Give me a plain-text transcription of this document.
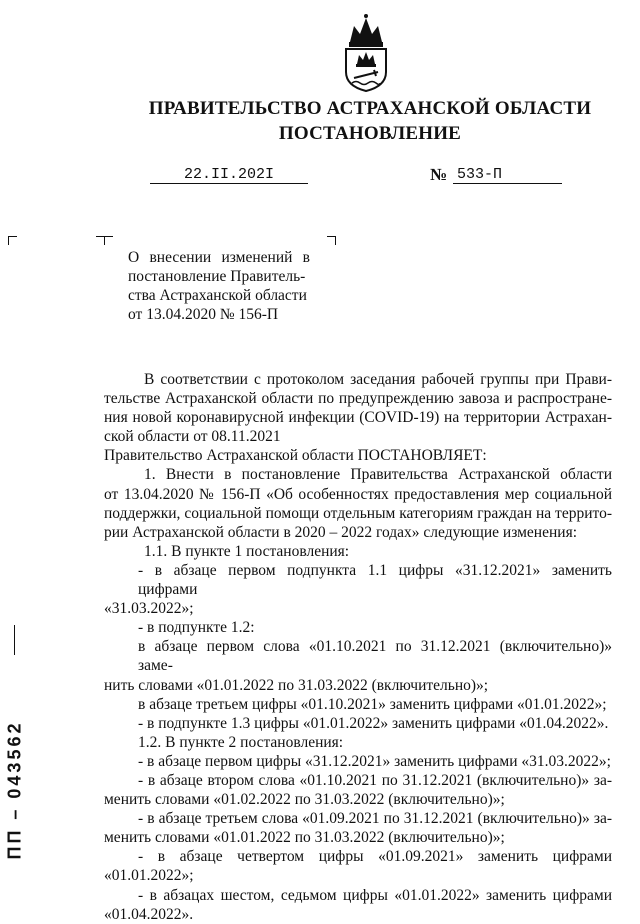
ПРАВИТЕЛЬСТВО АСТРАХАНСКОЙ ОБЛАСТИ
ПОСТАНОВЛЕНИЕ
22.II.202I	№ 533-П
О внесении изменений в
постановление Правитель-
ства Астраханской области
от 13.04.2020 № 156-П
В соответствии с протоколом заседания рабочей группы при Прави-
тельстве Астраханской области по предупреждению завоза и распростране-
ния новой коронавирусной инфекции (COVID-19) на территории Астрахан-
ской области от 08.11.2021
Правительство Астраханской области ПОСТАНОВЛЯЕТ:
1. Внести в постановление Правительства Астраханской области
от 13.04.2020 № 156-П «Об особенностях предоставления мер социальной
поддержки, социальной помощи отдельным категориям граждан на террито-
рии Астраханской области в 2020 – 2022 годах» следующие изменения:
1.1. В пункте 1 постановления:
- в абзаце первом подпункта 1.1 цифры «31.12.2021» заменить цифрами
«31.03.2022»;
- в подпункте 1.2:
в абзаце первом слова «01.10.2021 по 31.12.2021 (включительно)» заме-
нить словами «01.01.2022 по 31.03.2022 (включительно)»;
в абзаце третьем цифры «01.10.2021» заменить цифрами «01.01.2022»;
- в подпункте 1.3 цифры «01.01.2022» заменить цифрами «01.04.2022».
1.2. В пункте 2 постановления:
- в абзаце первом цифры «31.12.2021» заменить цифрами «31.03.2022»;
- в абзаце втором слова «01.10.2021 по 31.12.2021 (включительно)» за-
менить словами «01.02.2022 по 31.03.2022 (включительно)»;
- в абзаце третьем слова «01.09.2021 по 31.12.2021 (включительно)» за-
менить словами «01.01.2022 по 31.03.2022 (включительно)»;
- в абзаце четвертом цифры «01.09.2021» заменить цифрами
«01.01.2022»;
- в абзацах шестом, седьмом цифры «01.01.2022» заменить цифрами
«01.04.2022».
ПП – 043562
